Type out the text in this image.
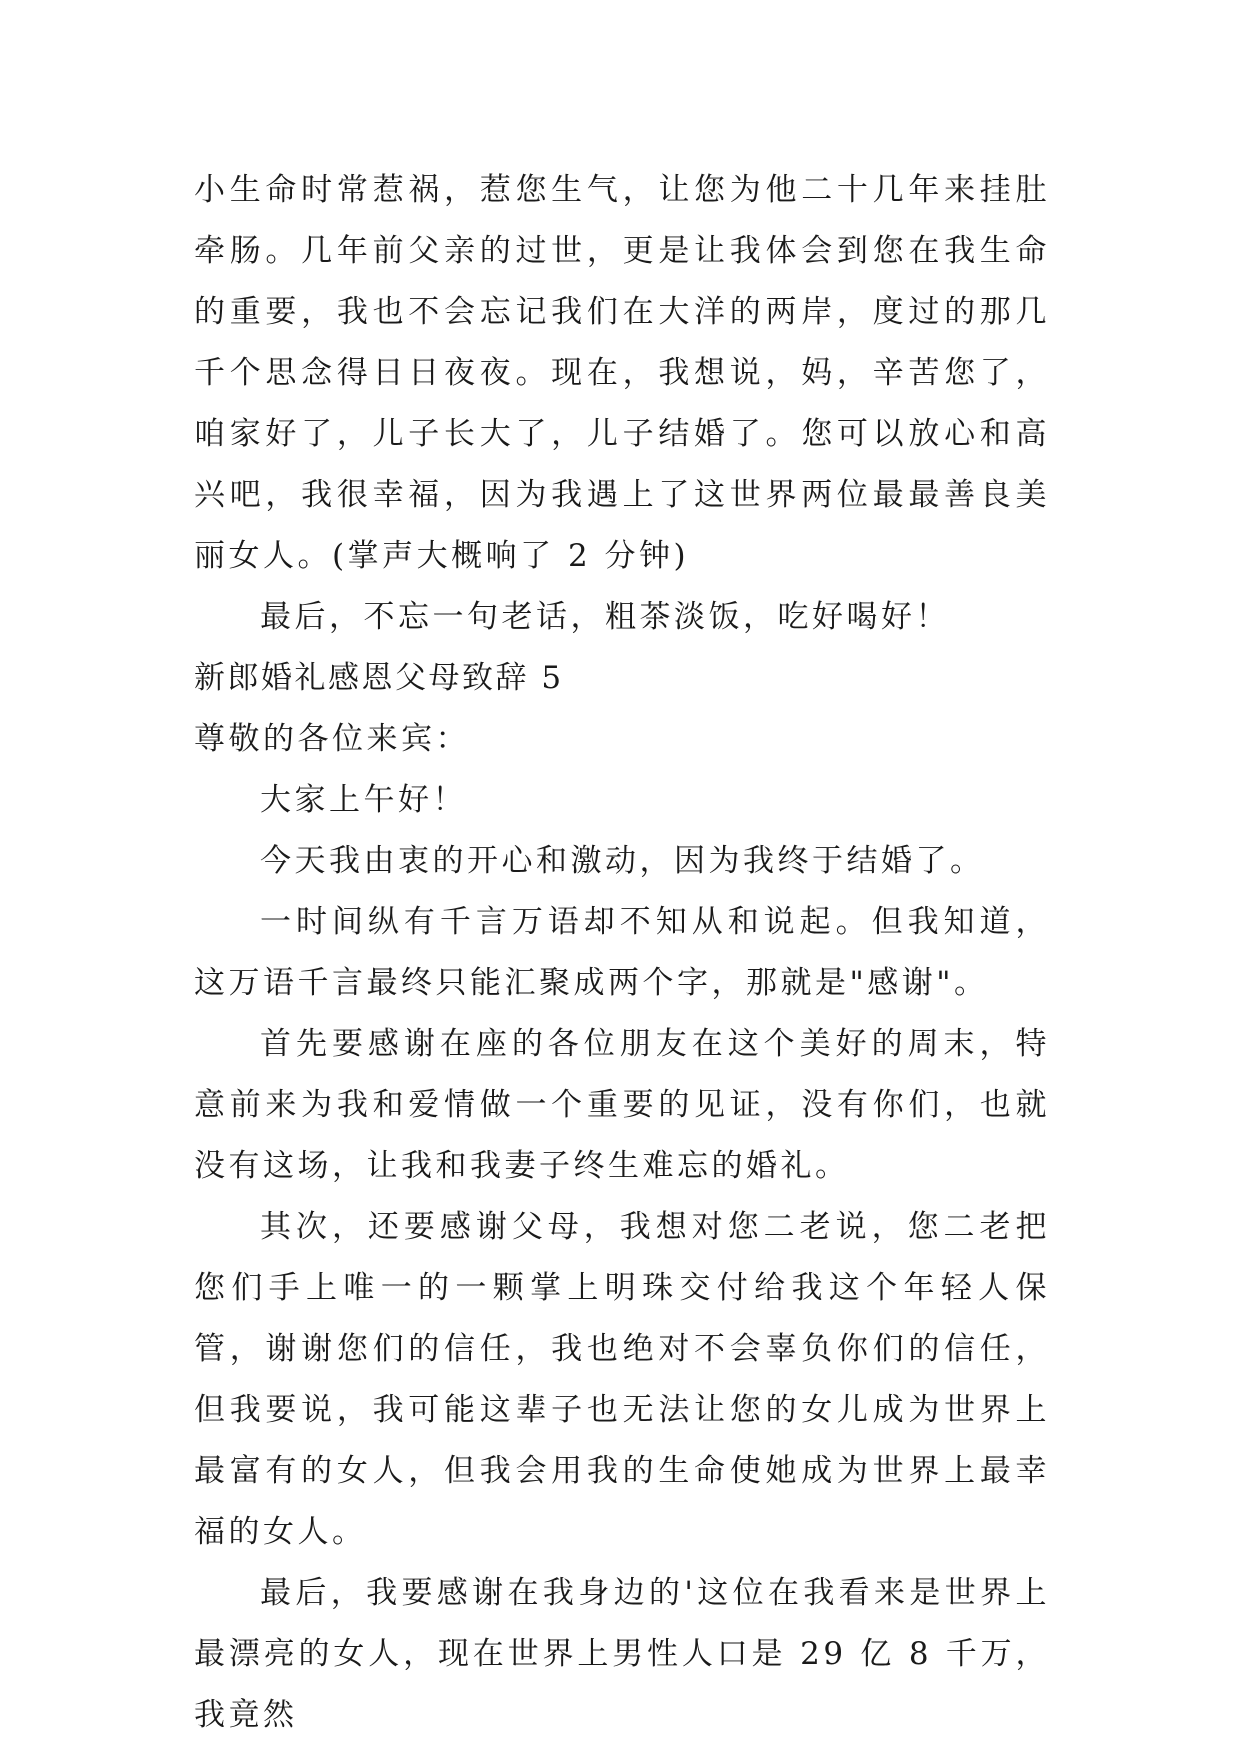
小生命时常惹祸，惹您生气，让您为他二十几年来挂肚牵肠。几年前父亲的过世，更是让我体会到您在我生命的重要，我也不会忘记我们在大洋的两岸，度过的那几千个思念得日日夜夜。现在，我想说，妈，辛苦您了，咱家好了，儿子长大了，儿子结婚了。您可以放心和高兴吧，我很幸福，因为我遇上了这世界两位最最善良美丽女人。(掌声大概响了 2 分钟)

最后，不忘一句老话，粗茶淡饭，吃好喝好！

新郎婚礼感恩父母致辞 5

尊敬的各位来宾：

大家上午好！

今天我由衷的开心和激动，因为我终于结婚了。

一时间纵有千言万语却不知从和说起。但我知道，这万语千言最终只能汇聚成两个字，那就是"感谢"。

首先要感谢在座的各位朋友在这个美好的周末，特意前来为我和爱情做一个重要的见证，没有你们，也就没有这场，让我和我妻子终生难忘的婚礼。

其次，还要感谢父母，我想对您二老说，您二老把您们手上唯一的一颗掌上明珠交付给我这个年轻人保管，谢谢您们的信任，我也绝对不会辜负你们的信任，但我要说，我可能这辈子也无法让您的女儿成为世界上最富有的女人，但我会用我的生命使她成为世界上最幸福的女人。

最后，我要感谢在我身边的'这位在我看来是世界上最漂亮的女人，现在世界上男性人口是 29 亿 8 千万，我竟然
